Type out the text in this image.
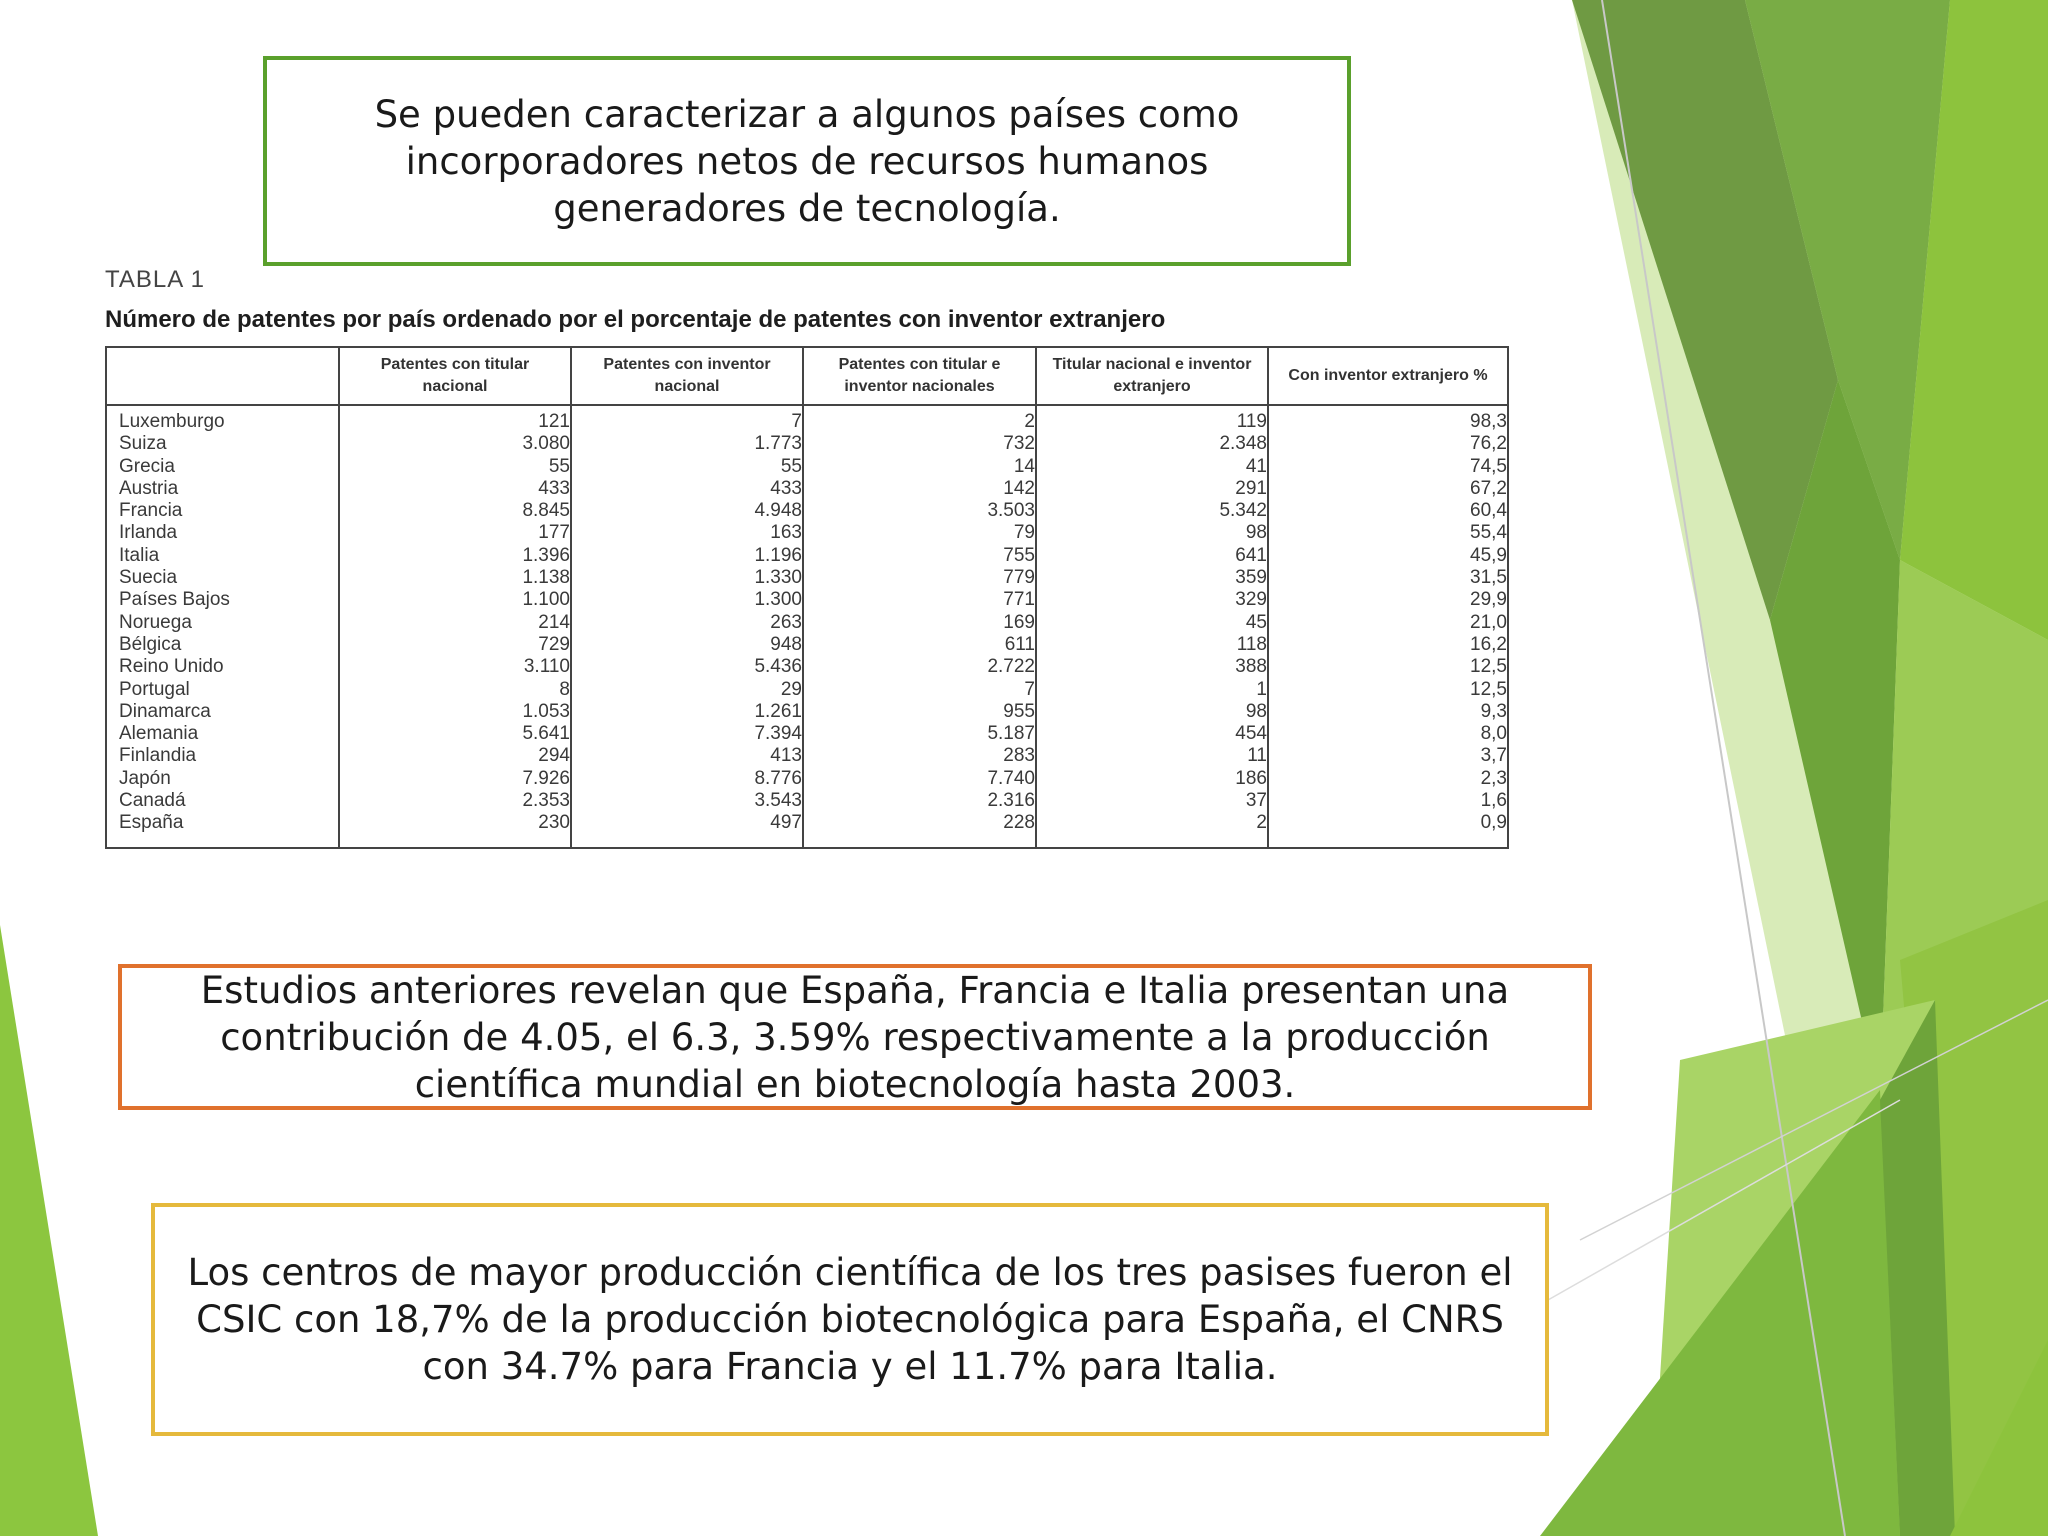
Se pueden caracterizar a algunos países como incorporadores netos de recursos humanos generadores de tecnología.

TABLA 1
Número de patentes por país ordenado por el porcentaje de patentes con inventor extranjero
	Patentes con titular nacional	Patentes con inventor nacional	Patentes con titular e inventor nacionales	Titular nacional e inventor extranjero	Con inventor extranjero %
Luxemburgo	121	7	2	119	98,3
Suiza	3.080	1.773	732	2.348	76,2
Grecia	55	55	14	41	74,5
Austria	433	433	142	291	67,2
Francia	8.845	4.948	3.503	5.342	60,4
Irlanda	177	163	79	98	55,4
Italia	1.396	1.196	755	641	45,9
Suecia	1.138	1.330	779	359	31,5
Países Bajos	1.100	1.300	771	329	29,9
Noruega	214	263	169	45	21,0
Bélgica	729	948	611	118	16,2
Reino Unido	3.110	5.436	2.722	388	12,5
Portugal	8	29	7	1	12,5
Dinamarca	1.053	1.261	955	98	9,3
Alemania	5.641	7.394	5.187	454	8,0
Finlandia	294	413	283	11	3,7
Japón	7.926	8.776	7.740	186	2,3
Canadá	2.353	3.543	2.316	37	1,6
España	230	497	228	2	0,9

Estudios anteriores revelan que España, Francia e Italia presentan una contribución de 4.05, el 6.3, 3.59% respectivamente a la producción científica mundial en biotecnología hasta 2003.

Los centros de mayor producción científica de los tres pasises fueron el CSIC con 18,7% de la producción biotecnológica para España, el CNRS con 34.7% para Francia y el 11.7% para Italia.
